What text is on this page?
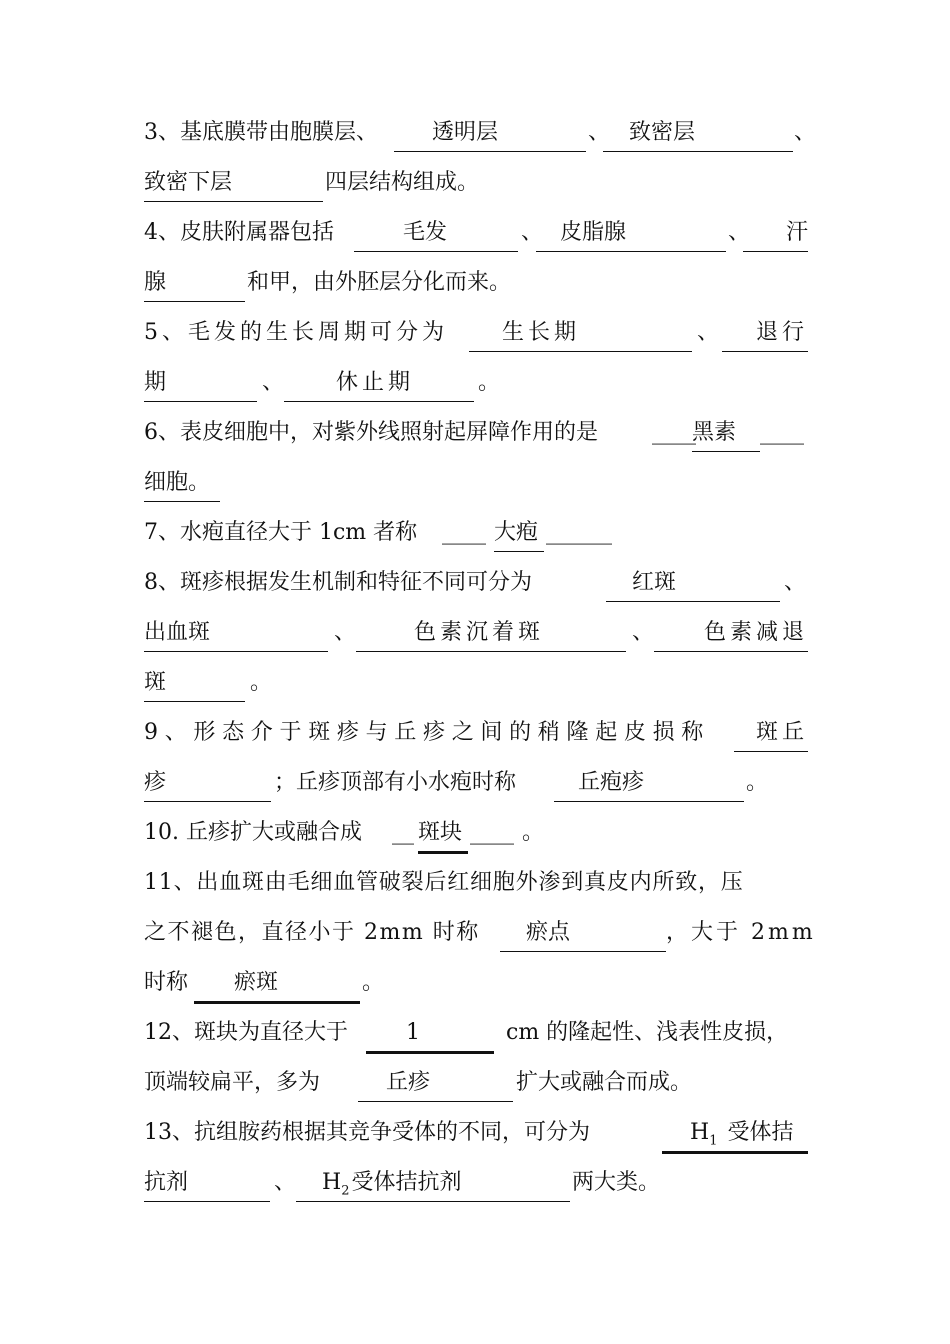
3、基底膜带由胞膜层、	透明层	、 致密层	、
致密下层	四层结构组成。
4、皮肤附属器包括	毛发	、 皮脂腺	、	汗
腺	和甲，由外胚层分化而来。
5、毛发的生长周期可分为	生长期	、	退行
期	、	休止期	。
6、表皮细胞中，对紫外线照射起屏障作用的是 ____
黑素	____
细胞。
7、水疱直径大于 1cm 者称 ____ 大疱 ______
8、斑疹根据发生机制和特征不同可分为	红斑	、
出血斑	、	色素沉着斑	、	色素减退
斑	。
9、形态介于斑疹与丘疹之间的稍隆起皮损称	斑丘
疹	；丘疹顶部有小水疱时称	丘疱疹	。
10. 丘疹扩大或融合成 __ 斑块 ____ 。
11、出血斑由毛细血管破裂后红细胞外渗到真皮内所致，压
之不褪色，直径小于 2mm 时称	瘀点	，大于 2mm
时称	瘀斑	。
12、斑块为直径大于	1	cm 的隆起性、浅表性皮损，
顶端较扁平，多为	丘疹	扩大或融合而成。
13、抗组胺药根据其竞争受体的不同，可分为	$H_1$ 受体拮
抗剂	、	$H_2$受体拮抗剂	两大类。
